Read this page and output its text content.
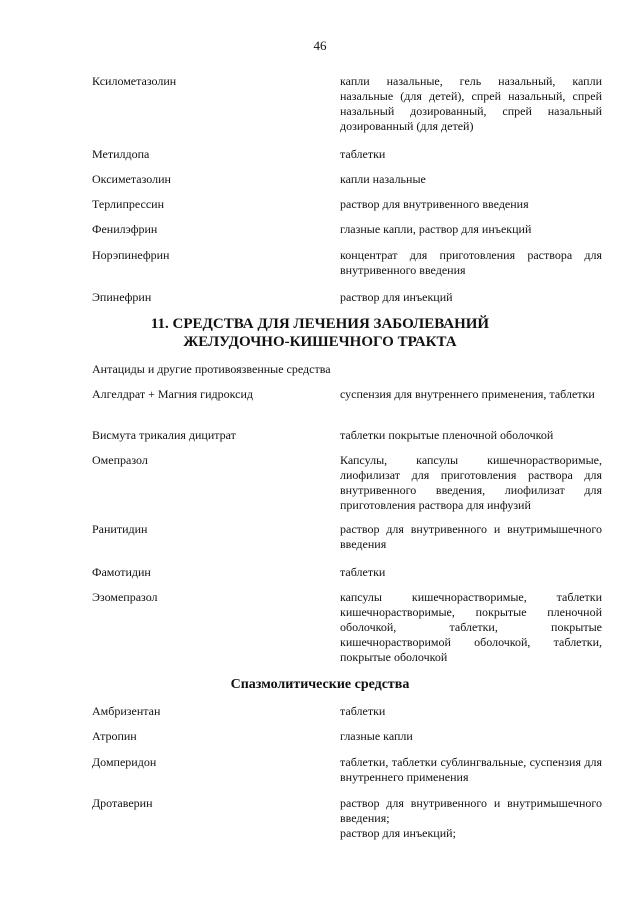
46
Ксилометазолин	капли назальные, гель назальный, капли назальные (для детей), спрей назальный, спрей назальный дозированный, спрей назальный дозированный (для детей)
Метилдопа	таблетки
Оксиметазолин	капли назальные
Терлипрессин	раствор для внутривенного введения
Фенилэфрин	глазные капли, раствор для инъекций
Норэпинефрин	концентрат для приготовления раствора для внутривенного введения
Эпинефрин	раствор для инъекций
11. СРЕДСТВА ДЛЯ ЛЕЧЕНИЯ ЗАБОЛЕВАНИЙ
ЖЕЛУДОЧНО-КИШЕЧНОГО ТРАКТА
Антациды и другие противоязвенные средства
Алгелдрат + Магния гидроксид	суспензия для внутреннего применения, таблетки
Висмута трикалия дицитрат	таблетки покрытые пленочной оболочкой
Омепразол	Капсулы, капсулы кишечнорастворимые, лиофилизат для приготовления раствора для внутривенного введения, лиофилизат для приготовления раствора для инфузий
Ранитидин	раствор для внутривенного и внутримышечного введения
Фамотидин	таблетки
Эзомепразол	капсулы кишечнорастворимые, таблетки кишечнорастворимые, покрытые пленочной оболочкой, таблетки, покрытые кишечнорастворимой оболочкой, таблетки, покрытые оболочкой
Спазмолитические средства
Амбризентан	таблетки
Атропин	глазные капли
Домперидон	таблетки, таблетки сублингвальные, суспензия для внутреннего применения
Дротаверин	раствор для внутривенного и внутримышечного введения;
раствор для инъекций;
